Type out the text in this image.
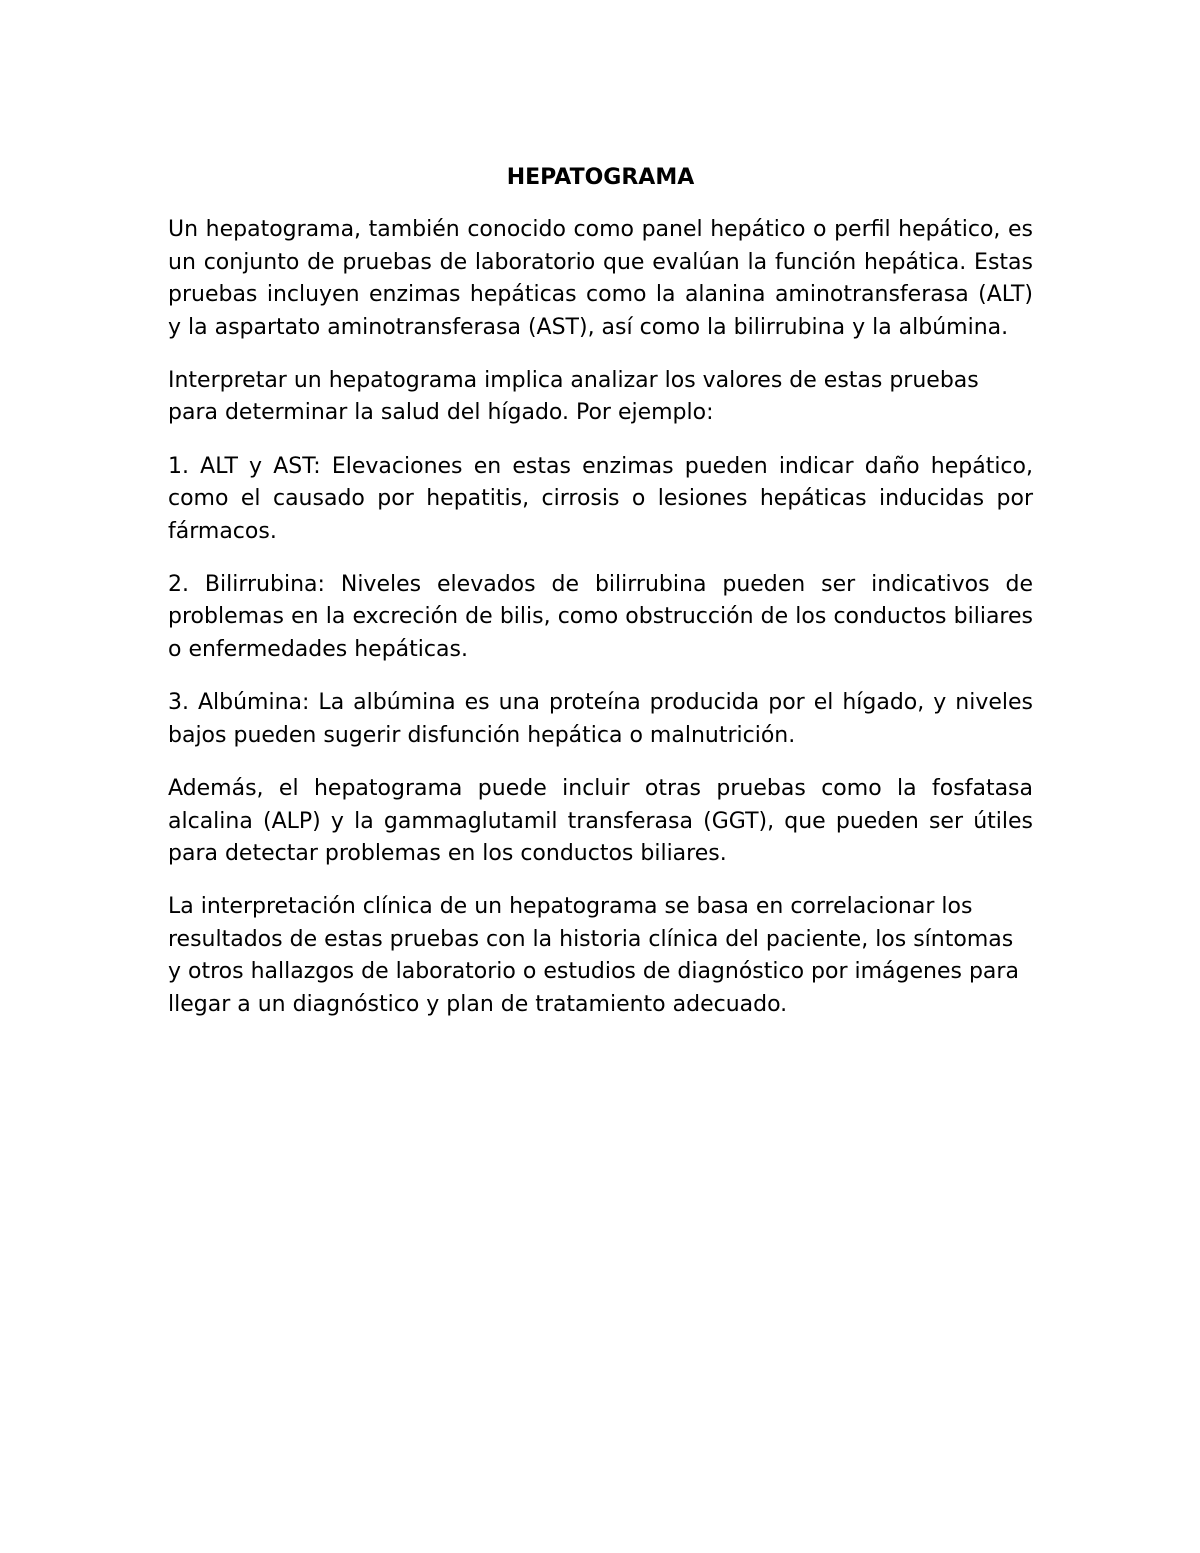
HEPATOGRAMA

Un hepatograma, también conocido como panel hepático o perfil hepático, es un conjunto de pruebas de laboratorio que evalúan la función hepática. Estas pruebas incluyen enzimas hepáticas como la alanina aminotransferasa (ALT) y la aspartato aminotransferasa (AST), así como la bilirrubina y la albúmina.

Interpretar un hepatograma implica analizar los valores de estas pruebas para determinar la salud del hígado. Por ejemplo:

1. ALT y AST: Elevaciones en estas enzimas pueden indicar daño hepático, como el causado por hepatitis, cirrosis o lesiones hepáticas inducidas por fármacos.

2. Bilirrubina: Niveles elevados de bilirrubina pueden ser indicativos de problemas en la excreción de bilis, como obstrucción de los conductos biliares o enfermedades hepáticas.

3. Albúmina: La albúmina es una proteína producida por el hígado, y niveles bajos pueden sugerir disfunción hepática o malnutrición.

Además, el hepatograma puede incluir otras pruebas como la fosfatasa alcalina (ALP) y la gammaglutamil transferasa (GGT), que pueden ser útiles para detectar problemas en los conductos biliares.

La interpretación clínica de un hepatograma se basa en correlacionar los resultados de estas pruebas con la historia clínica del paciente, los síntomas y otros hallazgos de laboratorio o estudios de diagnóstico por imágenes para llegar a un diagnóstico y plan de tratamiento adecuado.
